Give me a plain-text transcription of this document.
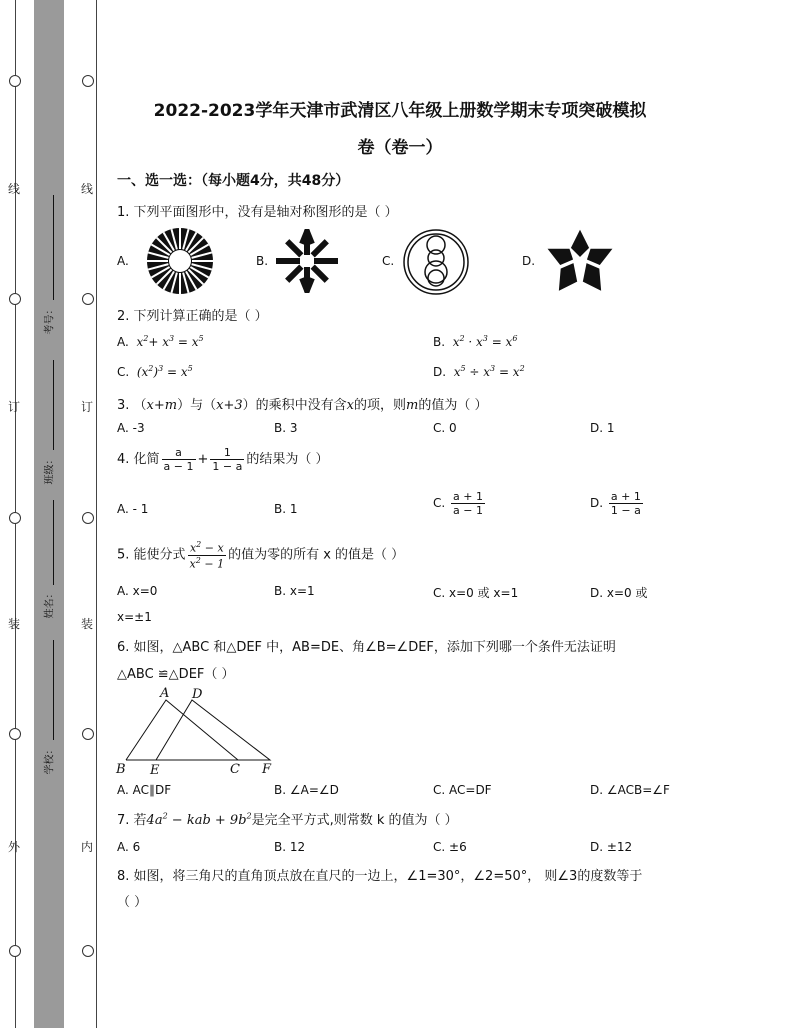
线
订
装
外
线
订
装
内
考号：
班级：
姓名：
学校：
2022-2023学年天津市武清区八年级上册数学期末专项突破模拟
卷（卷一）
一、选一选：（每小题4分，共48分）
1. 下列平面图形中，没有是轴对称图形的是（ ）
A.	B.	C.	D.
2. 下列计算正确的是（ ）
A.  $x^2+ x^3 = x^5$	B.  $x^2 \cdot x^3 = x^6$
C.  $(x^2)^3 = x^5$	D.  $x^5 \div x^3 = x^2$
3. （x+m）与（x+3）的乘积中没有含x的项，则m的值为（ ）
A. -3	B. 3	C. 0	D. 1
4. 化简 $\frac{a}{a - 1} + \frac{1}{1 - a}$ 的结果为（ ）
A. - 1	B. 1	C. $\frac{a + 1}{a - 1}$	D. $\frac{a + 1}{1 - a}$
5. 能使分式 $\frac{x^2 - x}{x^2 - 1}$ 的值为零的所有 x 的值是（ ）
A. x=0	B. x=1	C. x=0 或 x=1	D. x=0 或
x=±1
6. 如图，△ABC 和△DEF 中，AB=DE、角∠B=∠DEF，添加下列哪一个条件无法证明
△ABC ≌△DEF（ ）
A D
B E	C F
A. AC∥DF	B. ∠A=∠D	C. AC=DF	D. ∠ACB=∠F
7. 若$4a^2$ − kab + $9b^2$是完全平方式,则常数 k 的值为（ ）
A. 6	B. 12	C. ±6	D. ±12
8. 如图，将三角尺的直角顶点放在直尺的一边上，∠1=30°，∠2=50°， 则∠3的度数等于
（ ）
